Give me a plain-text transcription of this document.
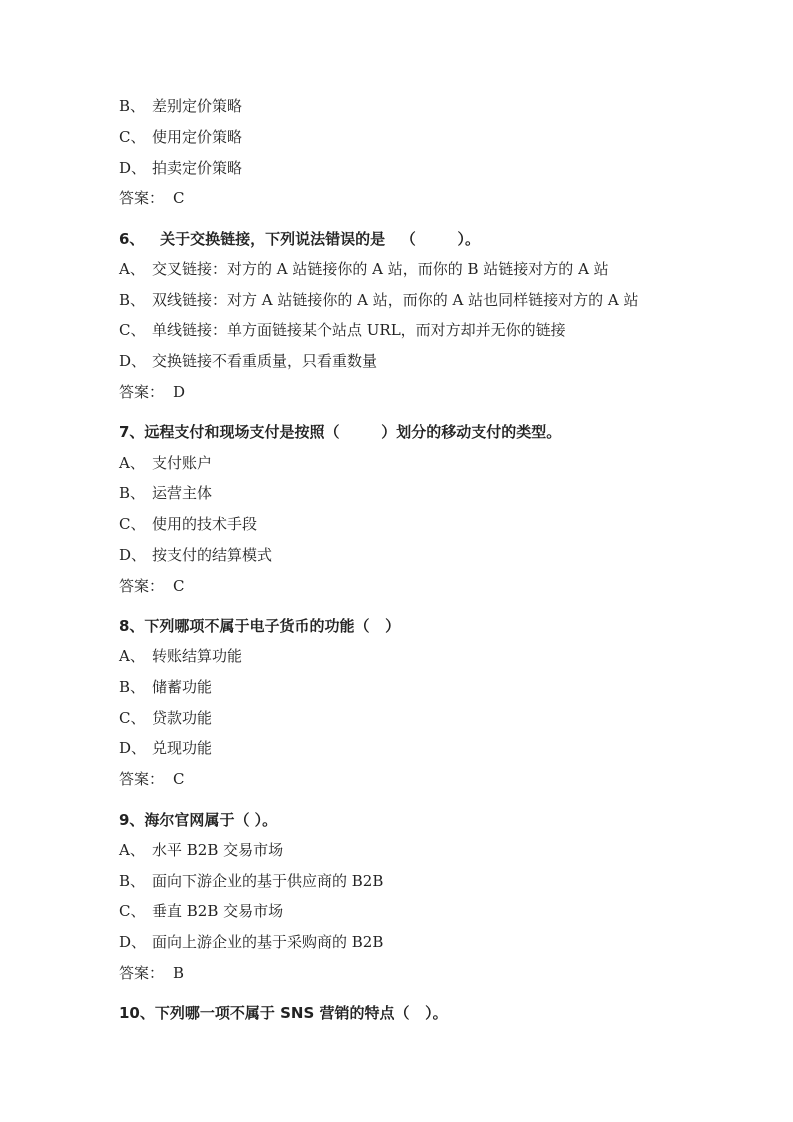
B、 差别定价策略
C、 使用定价策略
D、 拍卖定价策略
答案： C
6、   关于交换链接，下列说法错误的是   （        ）。
A、 交叉链接：对方的 A 站链接你的 A 站，而你的 B 站链接对方的 A 站
B、 双线链接：对方 A 站链接你的 A 站，而你的 A 站也同样链接对方的 A 站
C、 单线链接：单方面链接某个站点 URL，而对方却并无你的链接
D、 交换链接不看重质量，只看重数量
答案： D
7、远程支付和现场支付是按照（        ）划分的移动支付的类型。
A、 支付账户
B、 运营主体
C、 使用的技术手段
D、 按支付的结算模式
答案： C
8、下列哪项不属于电子货币的功能（   ）
A、 转账结算功能
B、 储蓄功能
C、 贷款功能
D、 兑现功能
答案： C
9、海尔官网属于（ ）。
A、 水平 B2B 交易市场
B、 面向下游企业的基于供应商的 B2B
C、 垂直 B2B 交易市场
D、 面向上游企业的基于采购商的 B2B
答案： B
10、下列哪一项不属于 SNS 营销的特点（   ）。
